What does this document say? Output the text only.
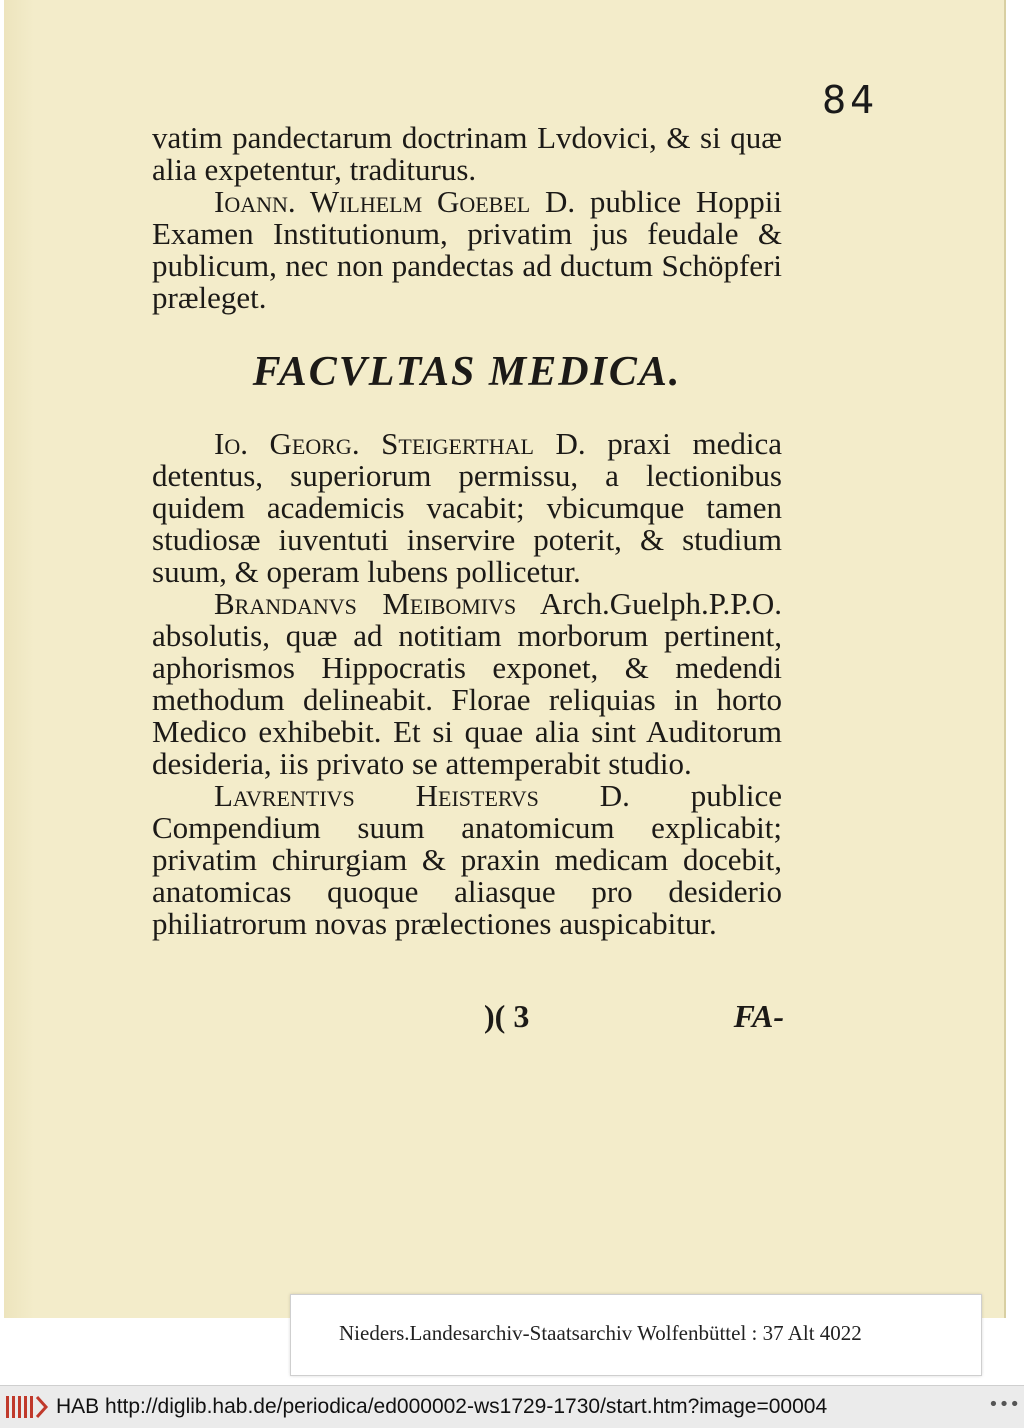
84

vatim pandectarum doctrinam Lvdovici, & si quæ alia expetentur, traditurus.

Ioann. Wilhelm Goebel D. publice Hoppii Examen Institutionum, privatim jus feudale & publicum, nec non pandectas ad ductum Schöpferi præleget.

FACVLTAS MEDICA.

Io. Georg. Steigerthal D. praxi medica detentus, superiorum permissu, a lectionibus quidem academicis vacabit; vbicumque tamen studiosæ iuventuti inservire poterit, & studium suum, & operam lubens pollicetur.

Brandanvs Meibomivs Arch.Guelph.P.P.O. absolutis, quæ ad notitiam morborum pertinent, aphorismos Hippocratis exponet, & medendi methodum delineabit. Florae reliquias in horto Medico exhibebit. Et si quae alia sint Auditorum desideria, iis privato se attemperabit studio.

Lavrentivs Heistervs D. publice Compendium suum anatomicum explicabit; privatim chirurgiam & praxin medicam docebit, anatomicas quoque aliasque pro desiderio philiatrorum novas prælectiones auspicabitur.

)( 3	FA-
Nieders.Landesarchiv-Staatsarchiv Wolfenbüttel : 37 Alt 4022
HAB http://diglib.hab.de/periodica/ed000002-ws1729-1730/start.htm?image=00004	•••
